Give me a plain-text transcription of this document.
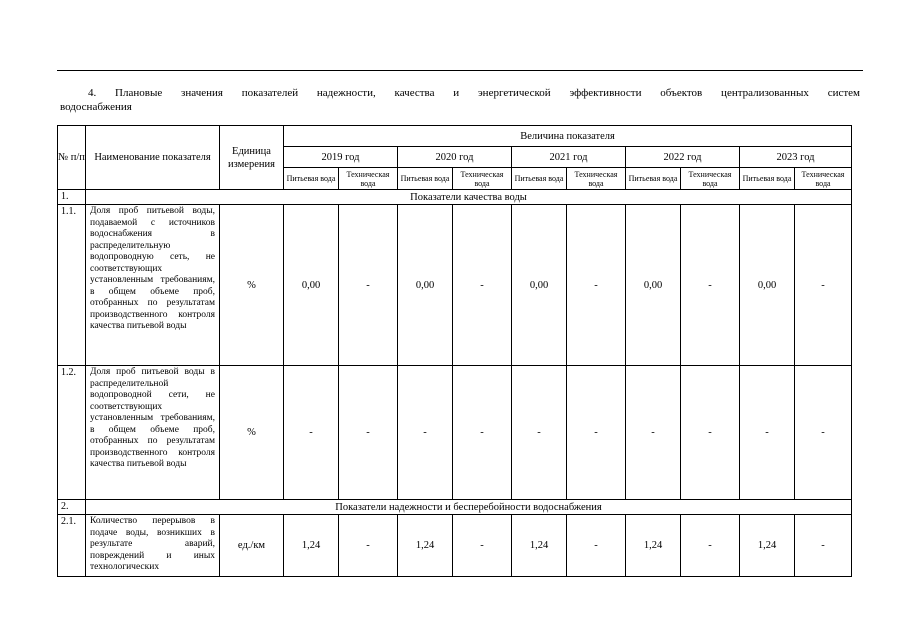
4. Плановые значения показателей надежности, качества и энергетической эффективности объектов централизованных систем
водоснабжения
№ п/п	Наименование показателя	Единица измерения	Величина показателя									
			2019 год		2020 год		2021 год		2022 год		2023 год	
			Питьевая вода	Техническая вода	Питьевая вода	Техническая вода	Питьевая вода	Техническая вода	Питьевая вода	Техническая вода	Питьевая вода	Техническая вода
1.	Показатели качества воды											
1.1.	Доля проб питьевой воды, подаваемой с источников водоснабжения в распределительную водопроводную сеть, не соответствующих установленным требованиям, в общем объеме проб, отобранных по результатам производственного контроля качества питьевой воды	%	0,00	-	0,00	-	0,00	-	0,00	-	0,00	-
1.2.	Доля проб питьевой воды в распределительной водопроводной сети, не соответствующих установленным требованиям, в общем объеме проб, отобранных по результатам производственного контроля качества питьевой воды	%	-	-	-	-	-	-	-	-	-	-
2.	Показатели надежности и бесперебойности водоснабжения											
2.1.	Количество перерывов в подаче воды, возникших в результате аварий, повреждений и иных технологических	ед./км	1,24	-	1,24	-	1,24	-	1,24	-	1,24	-
